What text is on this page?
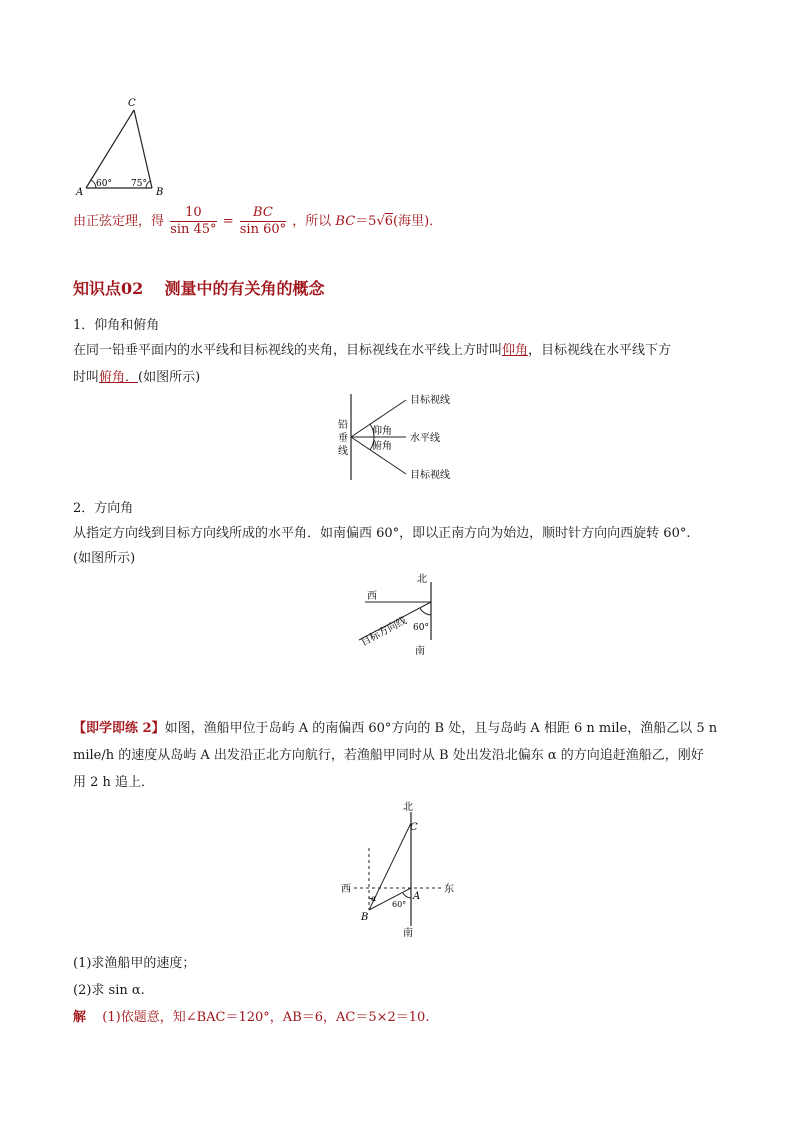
C
A	B
60° 75°
由正弦定理，得 $\frac{10}{\sin 45^\circ} = \frac{BC}{\sin 60^\circ}$ ，所以 BC＝5√6(海里)．
知识点02 测量中的有关角的概念
1．仰角和俯角
在同一铅垂平面内的水平线和目标视线的夹角，目标视线在水平线上方时叫仰角，目标视线在水平线下方
时叫俯角．(如图所示)
铅
垂
线
目标视线
仰角
水平线
俯角
目标视线
2．方向角
从指定方向线到目标方向线所成的水平角．如南偏西 60°，即以正南方向为始边，顺时针方向向西旋转 60°.
(如图所示)
北
西
南
60°
目标方向线
【即学即练 2】如图，渔船甲位于岛屿 A 的南偏西 60°方向的 B 处，且与岛屿 A 相距 6 n mile，渔船乙以 5 n
mile/h 的速度从岛屿 A 出发沿正北方向航行，若渔船甲同时从 B 处出发沿北偏东 α 的方向追赶渔船乙，刚好
用 2 h 追上．
北
C
西	东
A
B
α
60°
南
(1)求渔船甲的速度；
(2)求 sin α.
解 (1)依题意，知∠BAC＝120°，AB＝6，AC＝5×2＝10.
